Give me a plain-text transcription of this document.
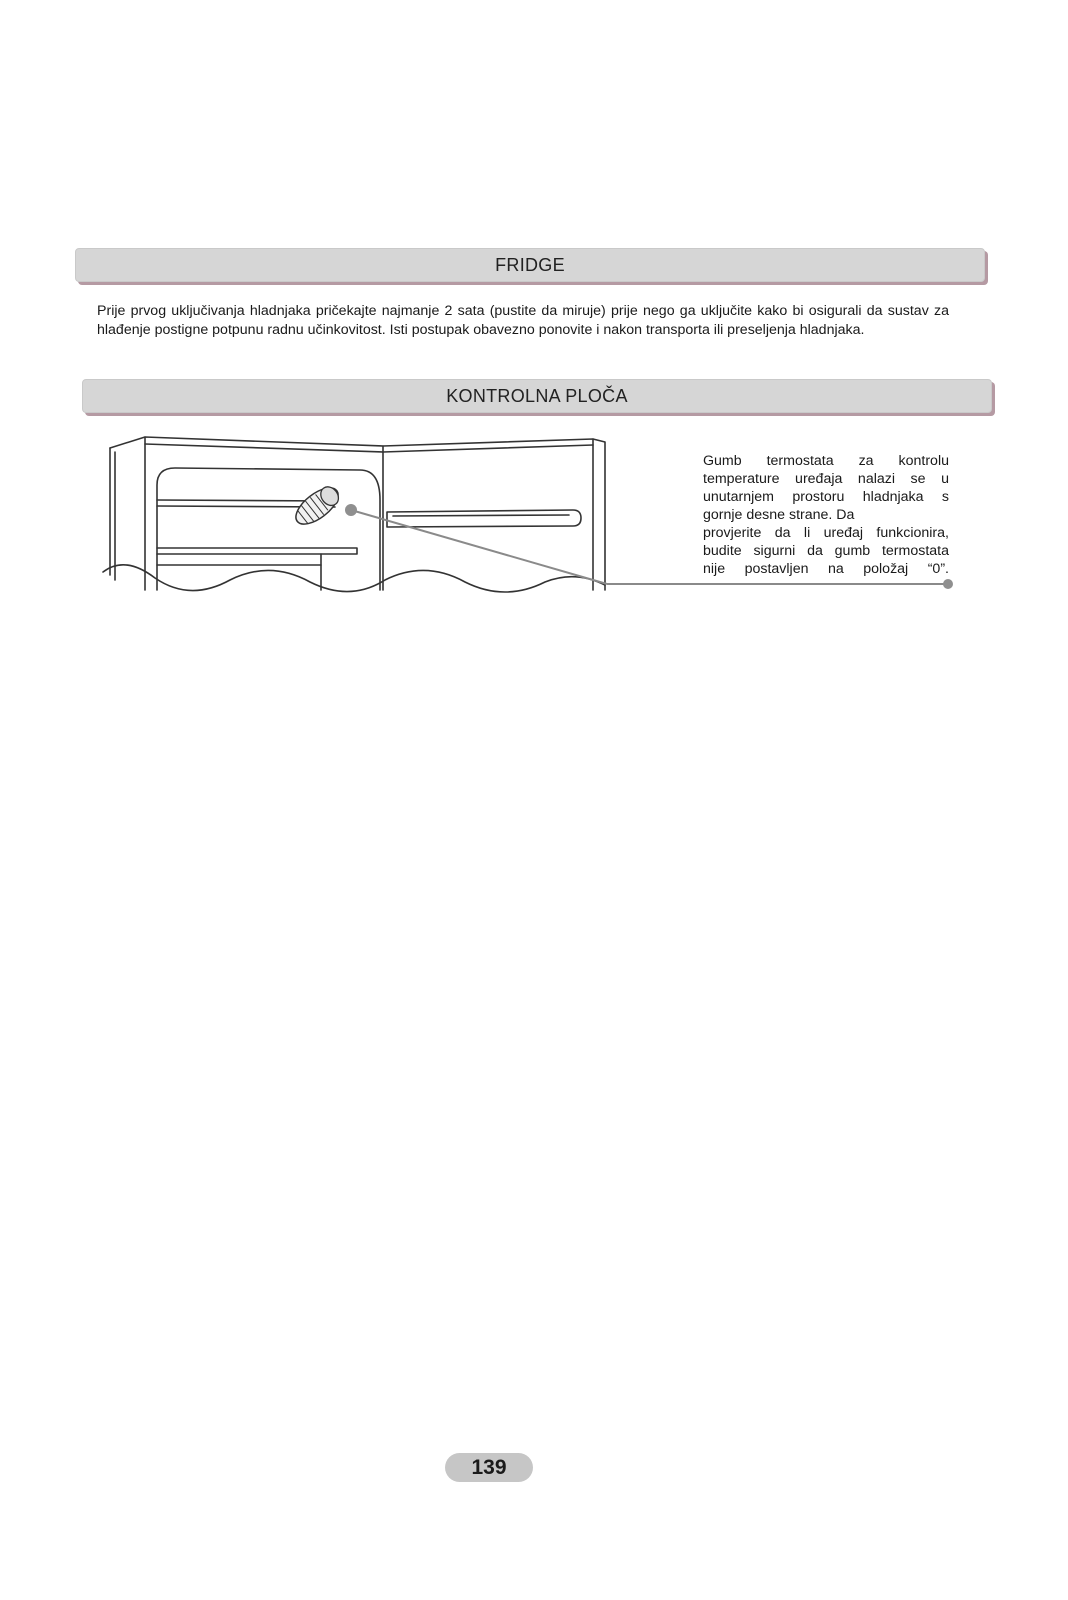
FRIDGE

Prije prvog uključivanja hladnjaka pričekajte najmanje 2 sata (pustite da miruje) prije nego ga uključite kako bi osigurali da sustav za hlađenje postigne potpunu radnu učinkovitost. Isti postupak obavezno ponovite i nakon transporta ili preseljenja hladnjaka.

KONTROLNA PLOČA

Gumb termostata za kontrolu
temperature uređaja nalazi se u
unutarnjem prostoru hladnjaka s
gornje desne strane. Da
provjerite da li uređaj funkcionira,
budite sigurni da gumb termostata
nije postavljen na položaj “0”.

139
